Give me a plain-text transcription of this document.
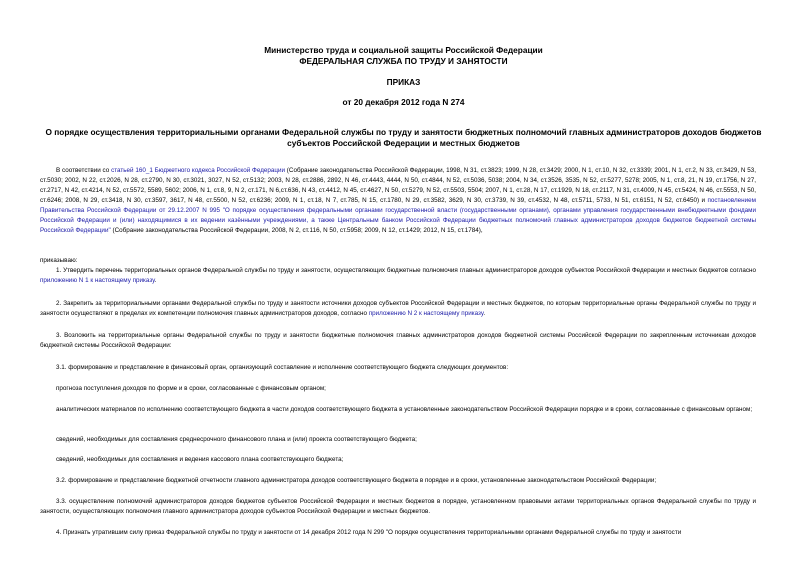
Министерство труда и социальной защиты Российской Федерации
ФЕДЕРАЛЬНАЯ СЛУЖБА ПО ТРУДУ И ЗАНЯТОСТИ
ПРИКАЗ
от 20 декабря 2012 года N 274
О порядке осуществления территориальными органами Федеральной службы по труду и занятости бюджетных полномочий главных администраторов доходов бюджетов субъектов Российской Федерации и местных бюджетов

В соответствии со статьей 160_1 Бюджетного кодекса Российской Федерации (Собрание законодательства Российской Федерации, 1998, N 31, ст.3823; 1999, N 28, ст.3429; 2000, N 1, ст.10, N 32, ст.3339; 2001, N 1, ст.2, N 33, ст.3429, N 53, ст.5030; 2002, N 22, ст.2026, N 28, ст.2790, N 30, ст.3021, 3027, N 52, ст.5132; 2003, N 28, ст.2886, 2892, N 46, ст.4443, 4444, N 50, ст.4844, N 52, ст.5036, 5038; 2004, N 34, ст.3526, 3535, N 52, ст.5277, 5278; 2005, N 1, ст.8, 21, N 19, ст.1756, N 27, ст.2717, N 42, ст.4214, N 52, ст.5572, 5589, 5602; 2006, N 1, ст.8, 9, N 2, ст.171, N 6,ст.636, N 43, ст.4412, N 45, ст.4627, N 50, ст.5279, N 52, ст.5503, 5504; 2007, N 1, ст.28, N 17, ст.1929, N 18, ст.2117, N 31, ст.4009, N 45, ст.5424, N 46, ст.5553, N 50, ст.6246; 2008, N 29, ст.3418, N 30, ст.3597, 3617, N 48, ст.5500, N 52, ст.6236; 2009, N 1, ст.18, N 7, ст.785, N 15, ст.1780, N 29, ст.3582, 3629, N 30, ст.3739, N 39, ст.4532, N 48, ст.5711, 5733, N 51, ст.6151, N 52, ст.6450) и постановлением Правительства Российской Федерации от 29.12.2007 N 995 "О порядке осуществления федеральными органами государственной власти (государственными органами), органами управления государственными внебюджетными фондами Российской Федерации и (или) находящимися в их ведении казёнными учреждениями, а также Центральным банком Российской Федерации бюджетных полномочий главных администраторов доходов бюджетов бюджетной системы Российской Федерации" (Собрание законодательства Российской Федерации, 2008, N 2, ст.116, N 50, ст.5958; 2009, N 12, ст.1429; 2012, N 15, ст.1784),

приказываю:

1. Утвердить перечень территориальных органов Федеральной службы по труду и занятости, осуществляющих бюджетные полномочия главных администраторов доходов субъектов Российской Федерации и местных бюджетов согласно приложению N 1 к настоящему приказу.

2. Закрепить за территориальными органами Федеральной службы по труду и занятости источники доходов субъектов Российской Федерации и местных бюджетов, по которым территориальные органы Федеральной службы по труду и занятости осуществляют в пределах их компетенции полномочия главных администраторов доходов, согласно приложению N 2 к настоящему приказу.

3. Возложить на территориальные органы Федеральной службы по труду и занятости бюджетные полномочия главных администраторов доходов бюджетной системы Российской Федерации по закрепленным источникам доходов бюджетной системы Российской Федерации:

3.1. формирование и представление в финансовый орган, организующий составление и исполнение соответствующего бюджета следующих документов:

прогноза поступления доходов по форме и в сроки, согласованные с финансовым органом;

аналитических материалов по исполнению соответствующего бюджета в части доходов соответствующего бюджета в установленные законодательством Российской Федерации порядке и в сроки, согласованные с финансовым органом;

сведений, необходимых для составления среднесрочного финансового плана и (или) проекта соответствующего бюджета;

сведений, необходимых для составления и ведения кассового плана соответствующего бюджета;

3.2. формирование и представление бюджетной отчетности главного администратора доходов соответствующего бюджета в порядке и в сроки, установленные законодательством Российской Федерации;

3.3. осуществление полномочий администраторов доходов бюджетов субъектов Российской Федерации и местных бюджетов в порядке, установленном правовыми актами территориальных органов Федеральной службы по труду и занятости, осуществляющих полномочия главного администратора доходов субъектов Российской Федерации и местных бюджетов.

4. Признать утратившим силу приказ Федеральной службы по труду и занятости от 14 декабря 2012 года N 299 "О порядке осуществления территориальными органами Федеральной службы по труду и занятости
